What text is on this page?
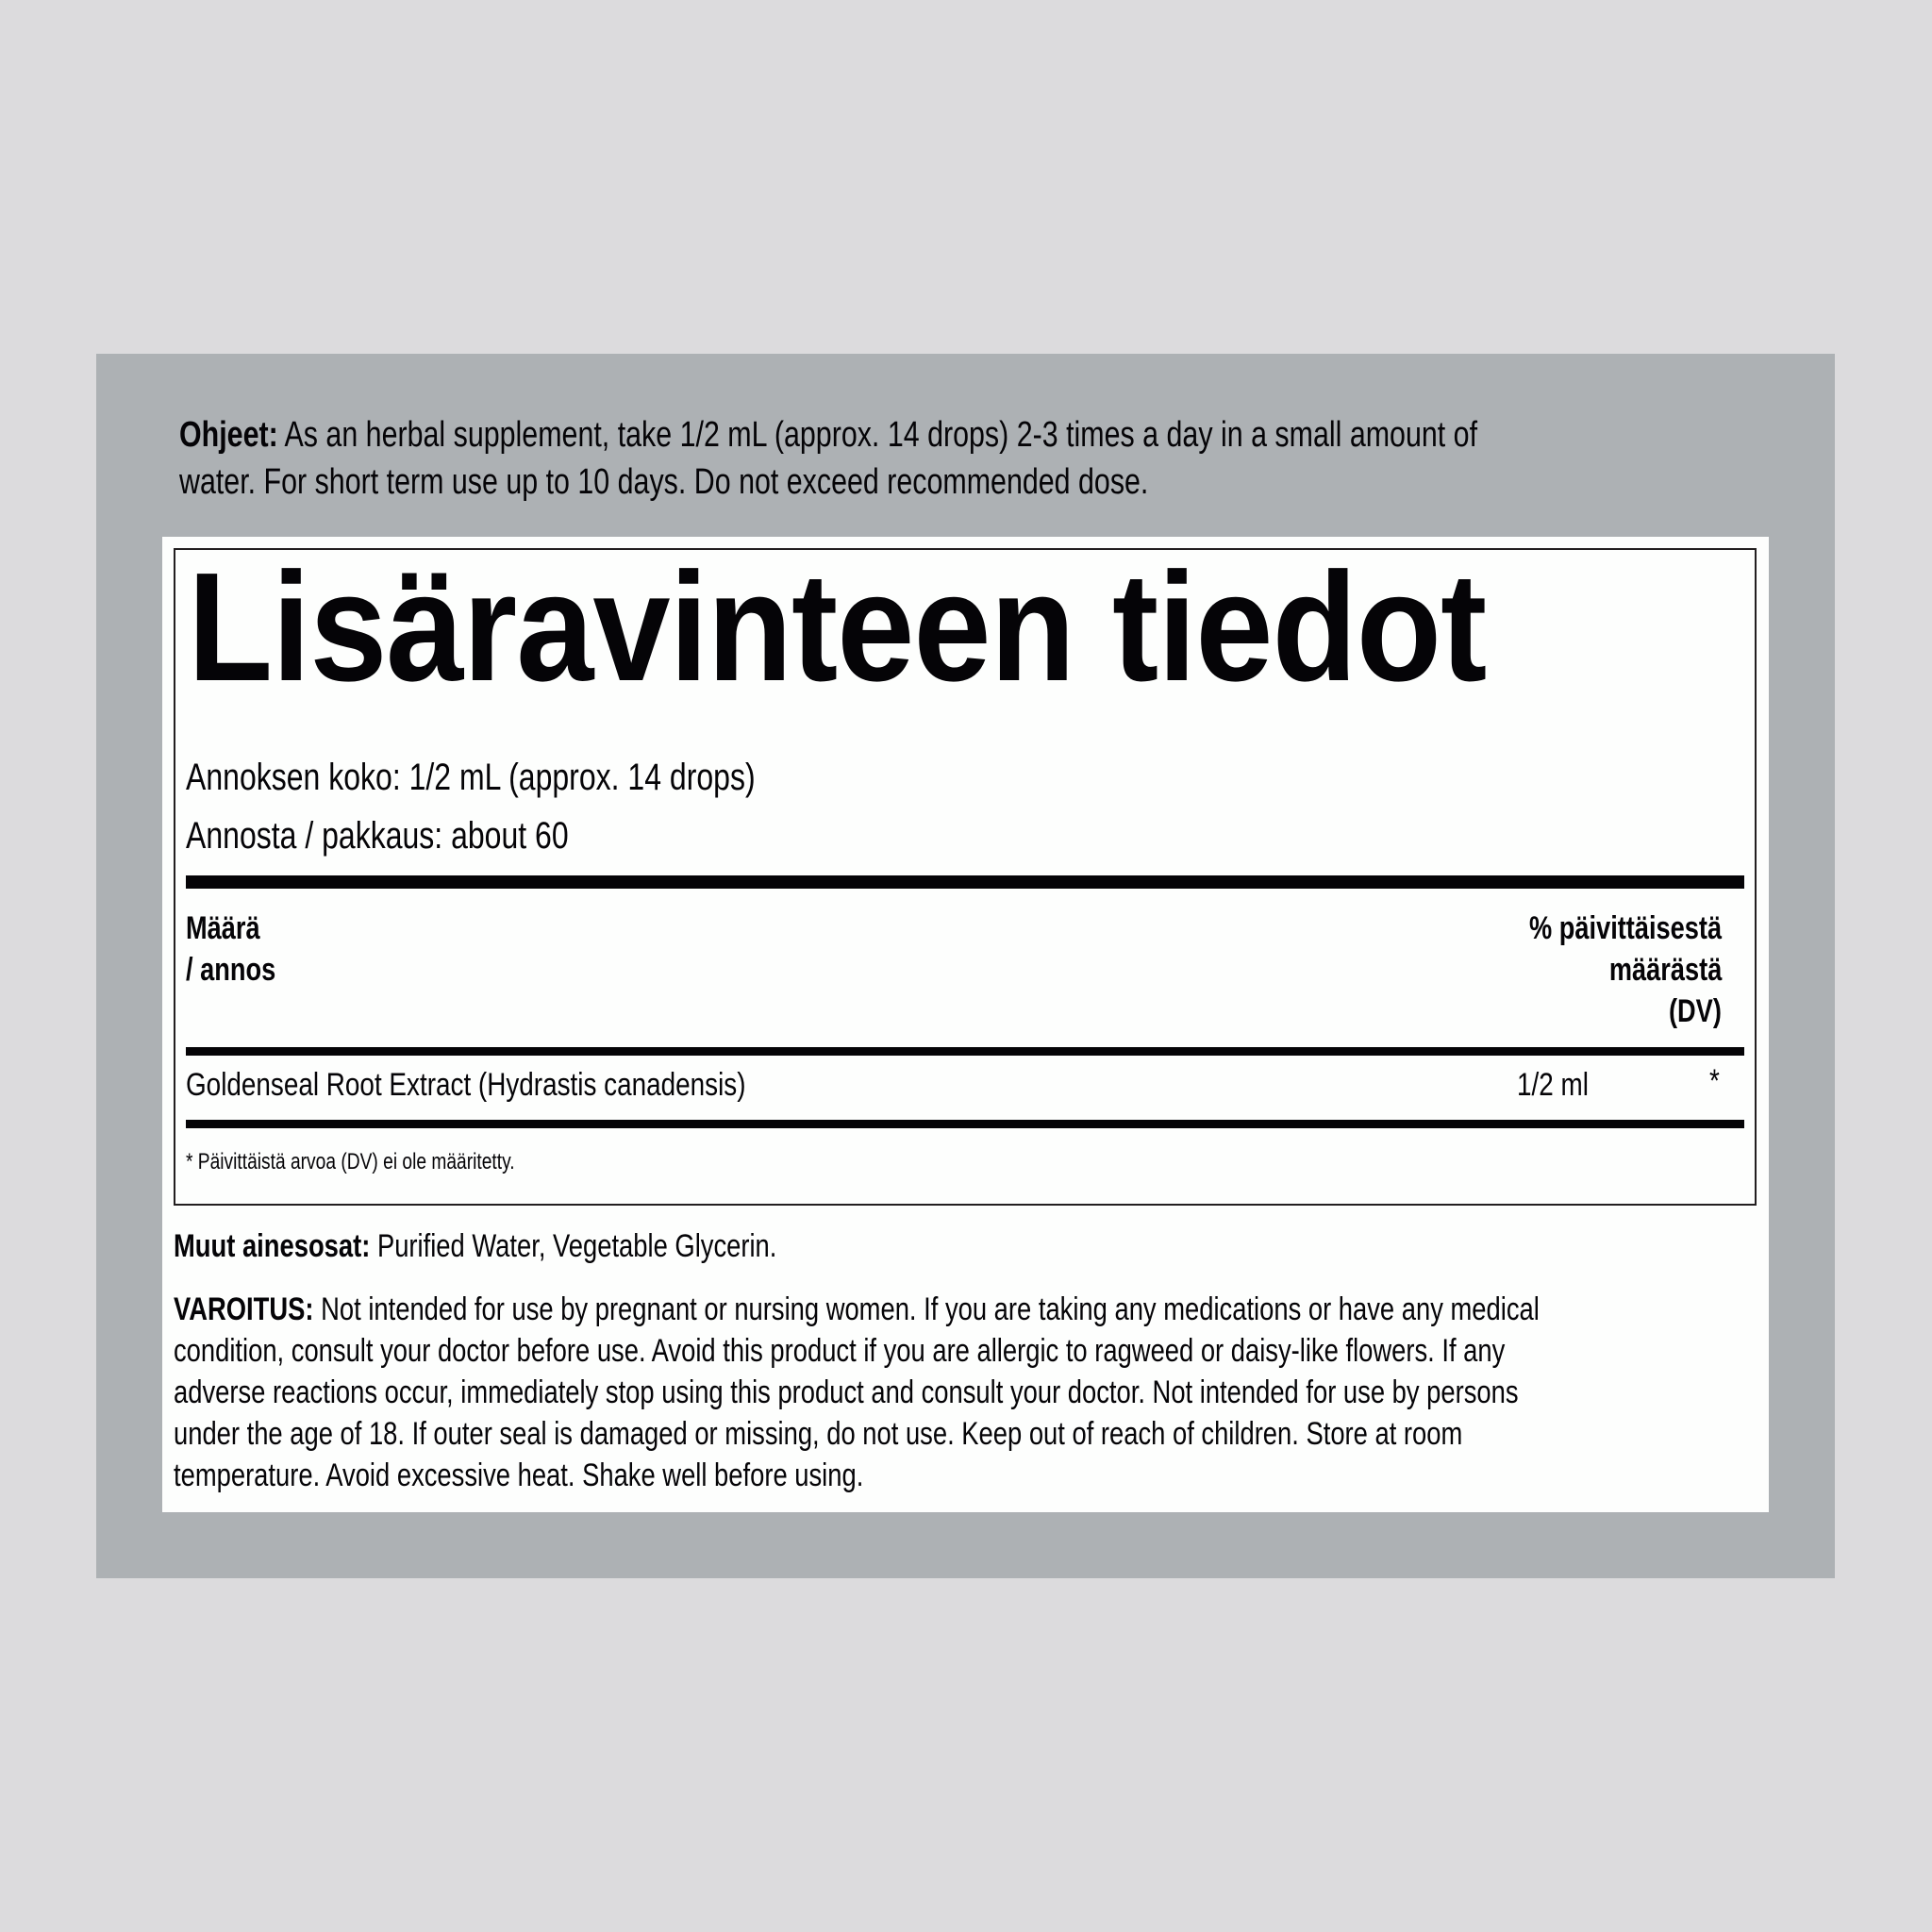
Ohjeet: As an herbal supplement, take 1/2 mL (approx. 14 drops) 2-3 times a day in a small amount of
water. For short term use up to 10 days. Do not exceed recommended dose.
Lisäravinteen tiedot
Annoksen koko: 1/2 mL (approx. 14 drops)
Annosta / pakkaus: about 60
Määrä
/ annos
% päivittäisestä
määrästä
(DV)
Goldenseal Root Extract (Hydrastis canadensis)	1/2 ml	*
* Päivittäistä arvoa (DV) ei ole määritetty.
Muut ainesosat: Purified Water, Vegetable Glycerin.
VAROITUS: Not intended for use by pregnant or nursing women. If you are taking any medications or have any medical
condition, consult your doctor before use. Avoid this product if you are allergic to ragweed or daisy-like flowers. If any
adverse reactions occur, immediately stop using this product and consult your doctor. Not intended for use by persons
under the age of 18. If outer seal is damaged or missing, do not use. Keep out of reach of children. Store at room
temperature. Avoid excessive heat. Shake well before using.
